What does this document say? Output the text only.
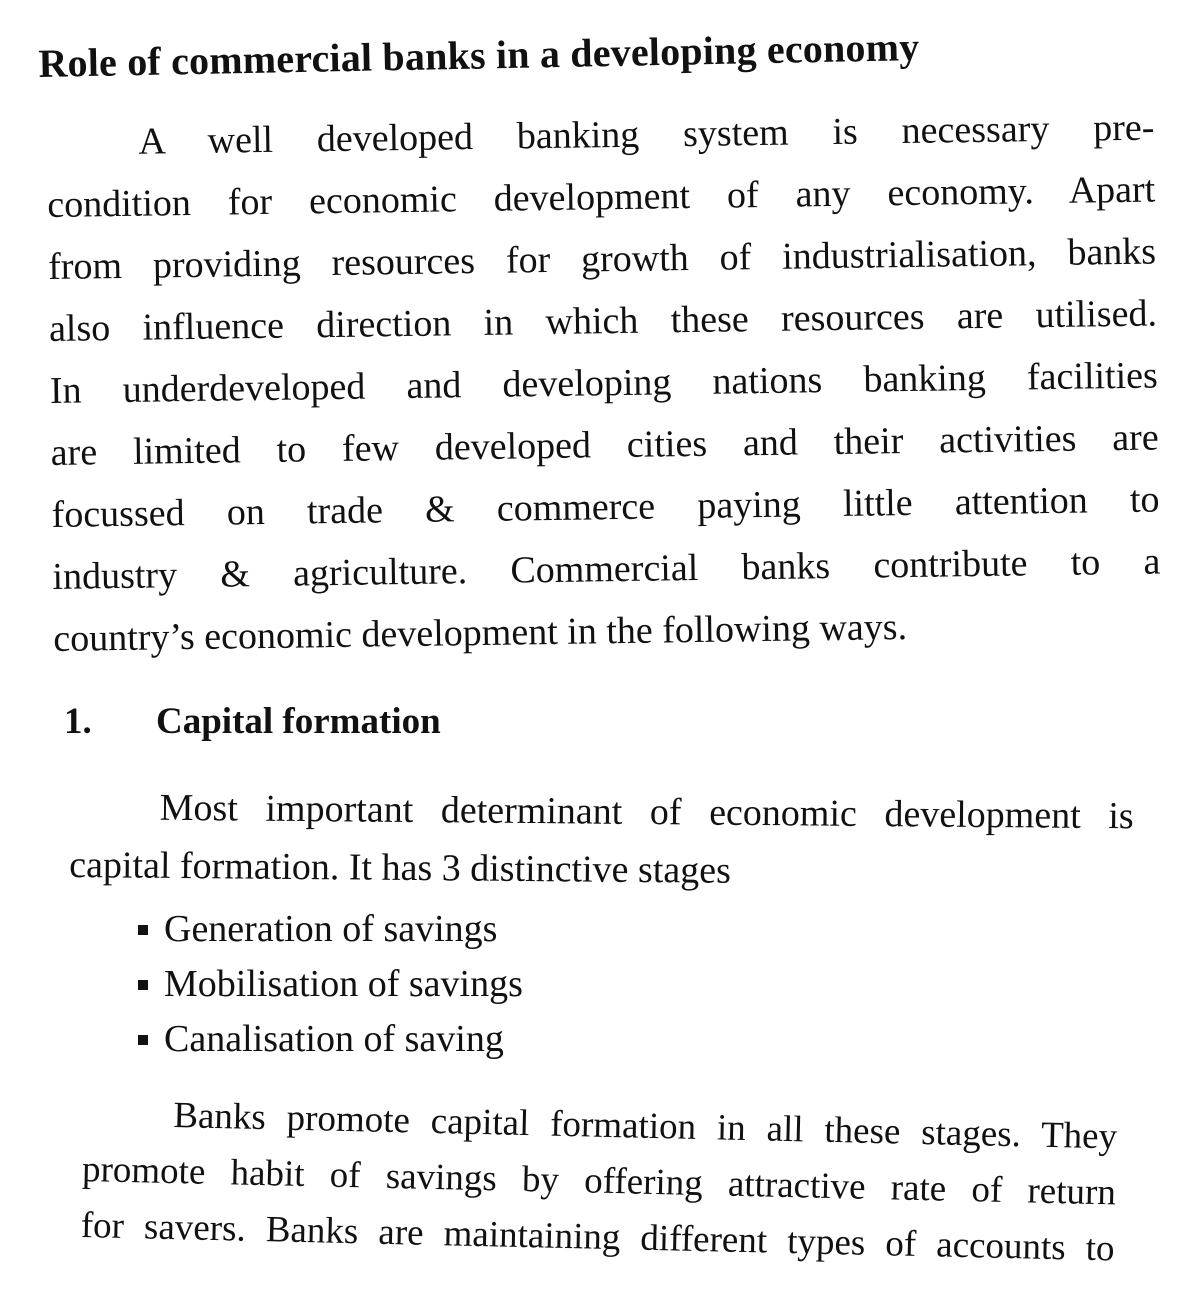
Role of commercial banks in a developing economy
A well developed banking system is necessary pre-
condition for economic development of any economy. Apart
from providing resources for growth of industrialisation, banks
also influence direction in which these resources are utilised.
In underdeveloped and developing nations banking facilities
are limited to few developed cities and their activities are
focussed on trade & commerce paying little attention to
industry & agriculture. Commercial banks contribute to a
country’s economic development in the following ways.
1. Capital formation
Most important determinant of economic development is
capital formation. It has 3 distinctive stages
Generation of savings
Mobilisation of savings
Canalisation of saving
Banks promote capital formation in all these stages. They
promote habit of savings by offering attractive rate of return
for savers. Banks are maintaining different types of accounts to
